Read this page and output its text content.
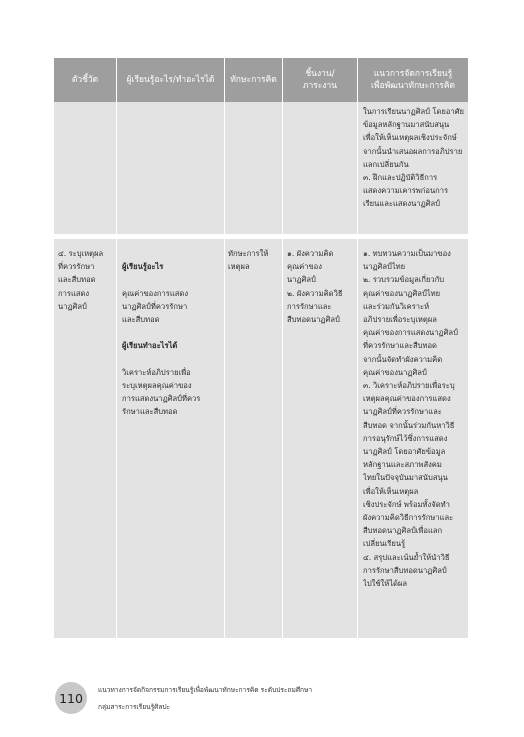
ตัวชี้วัด	ผู้เรียนรู้อะไร/ทำอะไรได้	ทักษะการคิด
ชิ้นงาน/
ภาระงาน
แนวการจัดการเรียนรู้
เพื่อพัฒนาทักษะการคิด
ในการเรียนนาฏศิลป์ โดยอาศัย
ข้อมูลหลักฐานมาสนับสนุน
เพื่อให้เห็นเหตุผลเชิงประจักษ์
จากนั้นนำเสนอผลการอภิปราย
แลกเปลี่ยนกัน
๓. ฝึกและปฏิบัติวิธีการ
แสดงความเคารพก่อนการ
เรียนและแสดงนาฏศิลป์
๔. ระบุเหตุผล
ที่ควรรักษา
และสืบทอด
การแสดง
นาฏศิลป์

ผู้เรียนรู้อะไร

คุณค่าของการแสดง
นาฏศิลป์ที่ควรรักษา
และสืบทอด

ผู้เรียนทำอะไรได้

วิเคราะห์อภิปรายเพื่อ
ระบุเหตุผลคุณค่าของ
การแสดงนาฏศิลป์ที่ควร
รักษาและสืบทอด

ทักษะการให้
เหตุผล
๑. ผังความคิด
คุณค่าของ
นาฏศิลป์
๒. ผังความคิดวิธี
การรักษาและ
สืบทอดนาฏศิลป์
๑. ทบทวนความเป็นมาของ
นาฏศิลป์ไทย
๒. รวบรวมข้อมูลเกี่ยวกับ
คุณค่าของนาฏศิลป์ไทย
และร่วมกันวิเคราะห์
อภิปรายเพื่อระบุเหตุผล
คุณค่าของการแสดงนาฏศิลป์
ที่ควรรักษาและสืบทอด
จากนั้นจัดทำผังความคิด
คุณค่าของนาฏศิลป์
๓. วิเคราะห์อภิปรายเพื่อระบุ
เหตุผลคุณค่าของการแสดง
นาฏศิลป์ที่ควรรักษาและ
สืบทอด จากนั้นร่วมกันหาวิธี
การอนุรักษ์ไว้ซึ่งการแสดง
นาฏศิลป์ โดยอาศัยข้อมูล
หลักฐานและสภาพสังคม
ไทยในปัจจุบันมาสนับสนุน
เพื่อให้เห็นเหตุผล
เชิงประจักษ์ พร้อมทั้งจัดทำ
ผังความคิดวิธีการรักษาและ
สืบทอดนาฏศิลป์เพื่อแลก
เปลี่ยนเรียนรู้
๔. สรุปและเน้นย้ำให้นำวิธี
การรักษาสืบทอดนาฏศิลป์
ไปใช้ให้ได้ผล
110
แนวทางการจัดกิจกรรมการเรียนรู้เพื่อพัฒนาทักษะการคิด ระดับประถมศึกษา
กลุ่มสาระการเรียนรู้ศิลปะ
